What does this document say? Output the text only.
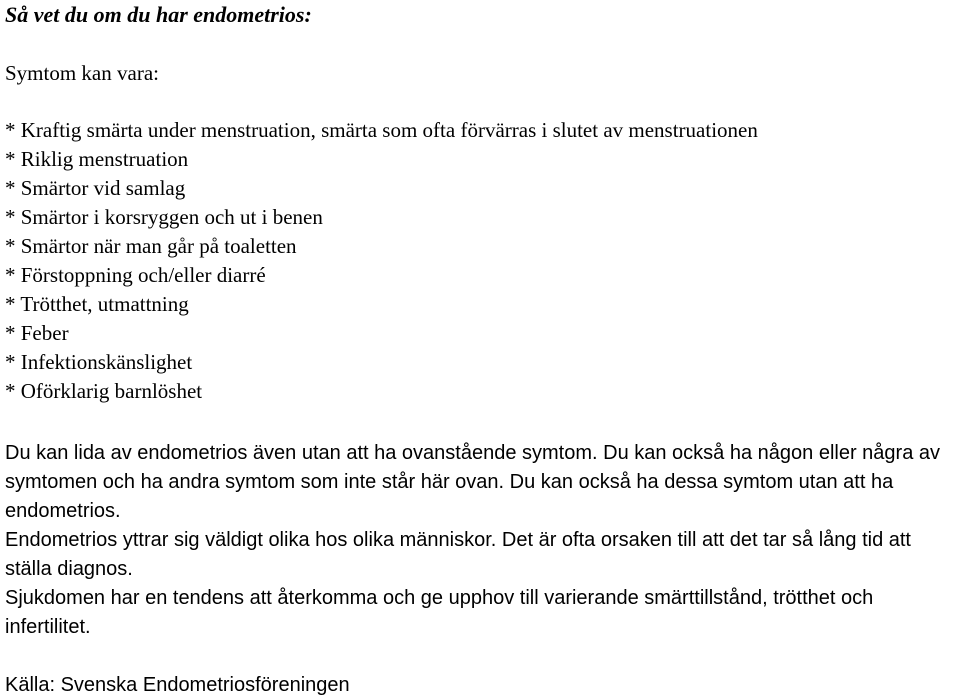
Så vet du om du har endometrios:
Symtom kan vara:
* Kraftig smärta under menstruation, smärta som ofta förvärras i slutet av menstruationen
* Riklig menstruation
* Smärtor vid samlag
* Smärtor i korsryggen och ut i benen
* Smärtor när man går på toaletten
* Förstoppning och/eller diarré
* Trötthet, utmattning
* Feber
* Infektionskänslighet
* Oförklarig barnlöshet

Du kan lida av endometrios även utan att ha ovanstående symtom. Du kan också ha någon eller några av symtomen och ha andra symtom som inte står här ovan. Du kan också ha dessa symtom utan att ha endometrios.

Endometrios yttrar sig väldigt olika hos olika människor. Det är ofta orsaken till att det tar så lång tid att ställa diagnos.

Sjukdomen har en tendens att återkomma och ge upphov till varierande smärttillstånd, trötthet och infertilitet.

Källa: Svenska Endometriosföreningen
